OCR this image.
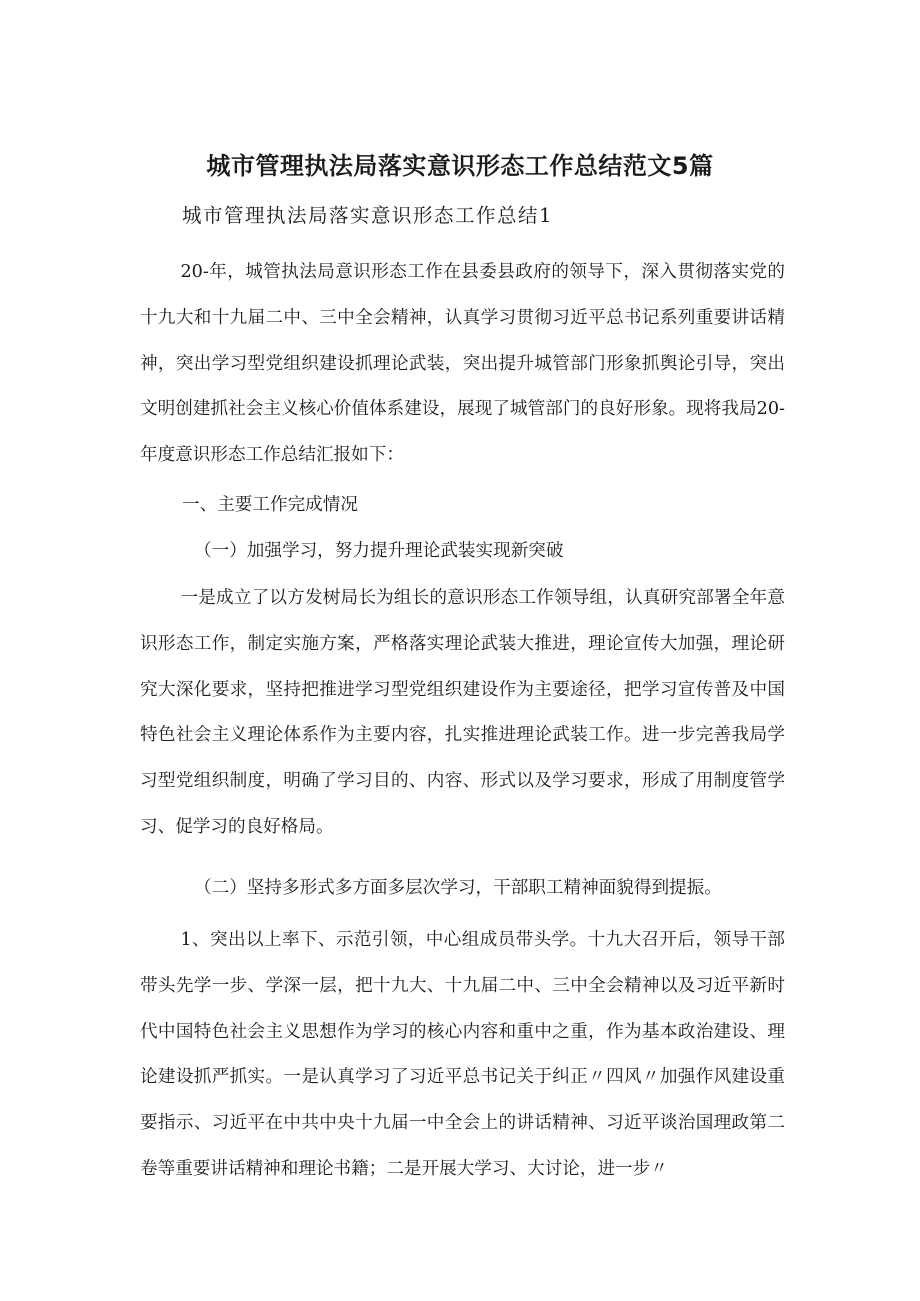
城市管理执法局落实意识形态工作总结范文5篇

城市管理执法局落实意识形态工作总结1

20-年，城管执法局意识形态工作在县委县政府的领导下，深入贯彻落实党的十九大和十九届二中、三中全会精神，认真学习贯彻习近平总书记系列重要讲话精神，突出学习型党组织建设抓理论武装，突出提升城管部门形象抓舆论引导，突出文明创建抓社会主义核心价值体系建设，展现了城管部门的良好形象。现将我局20-年度意识形态工作总结汇报如下：

一、主要工作完成情况

（一）加强学习，努力提升理论武装实现新突破

一是成立了以方发树局长为组长的意识形态工作领导组，认真研究部署全年意识形态工作，制定实施方案，严格落实理论武装大推进，理论宣传大加强，理论研究大深化要求，坚持把推进学习型党组织建设作为主要途径，把学习宣传普及中国特色社会主义理论体系作为主要内容，扎实推进理论武装工作。进一步完善我局学习型党组织制度，明确了学习目的、内容、形式以及学习要求，形成了用制度管学习、促学习的良好格局。

（二）坚持多形式多方面多层次学习，干部职工精神面貌得到提振。

1、突出以上率下、示范引领，中心组成员带头学。十九大召开后，领导干部带头先学一步、学深一层，把十九大、十九届二中、三中全会精神以及习近平新时代中国特色社会主义思想作为学习的核心内容和重中之重，作为基本政治建设、理论建设抓严抓实。一是认真学习了习近平总书记关于纠正〃四风〃加强作风建设重要指示、习近平在中共中央十九届一中全会上的讲话精神、习近平谈治国理政第二卷等重要讲话精神和理论书籍；二是开展大学习、大讨论，进一步〃
